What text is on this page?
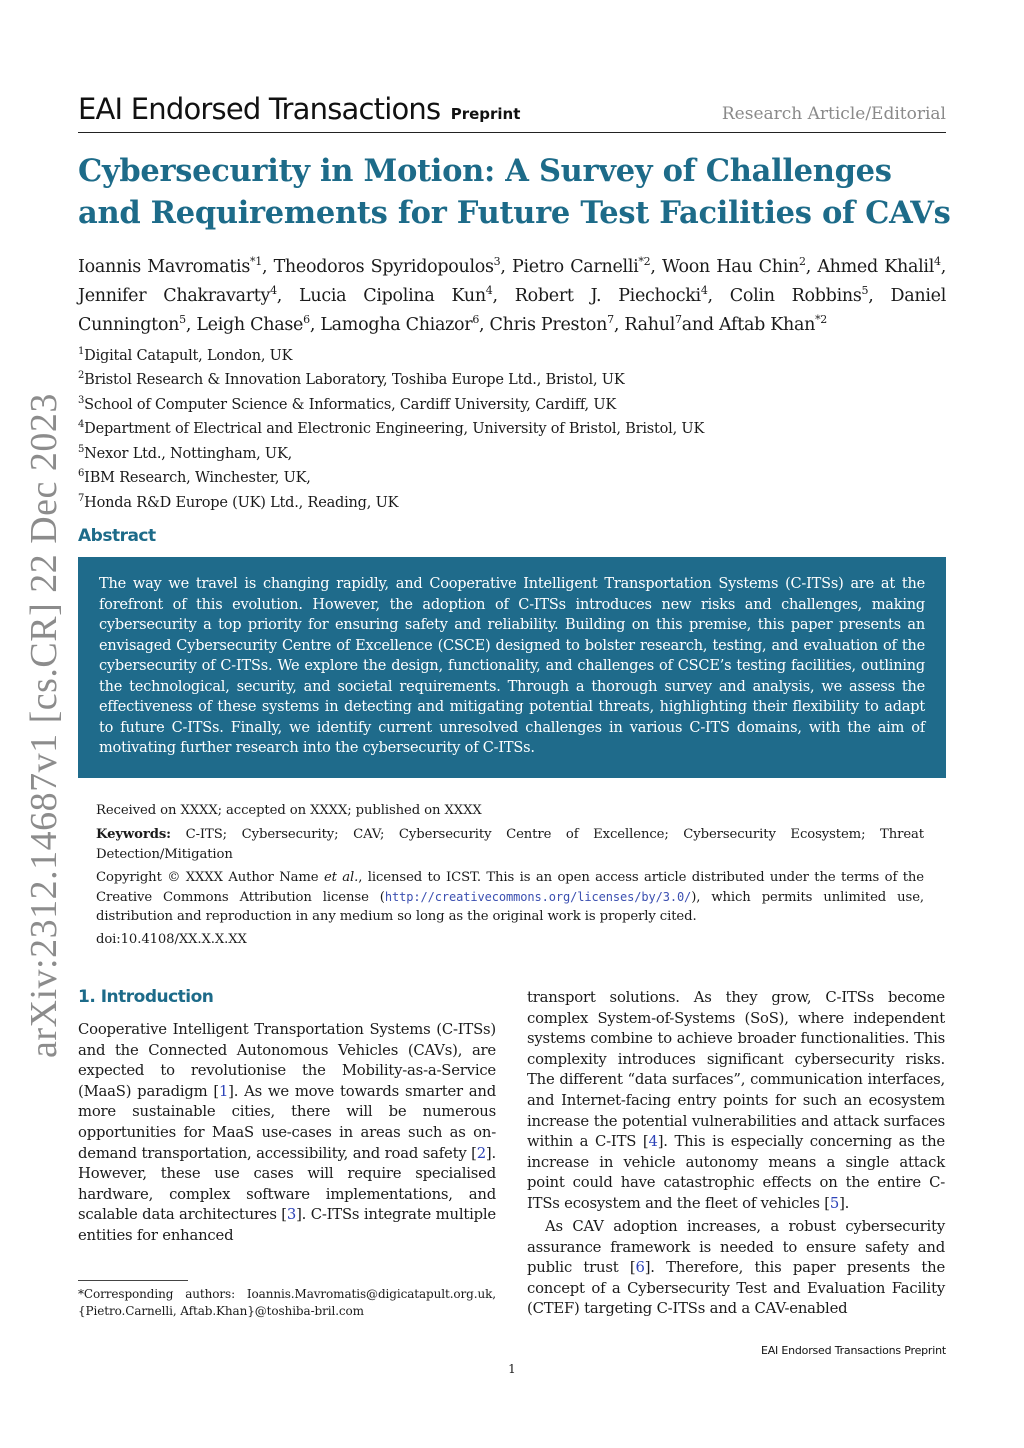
EAI Endorsed Transactions Preprint	Research Article/Editorial
Cybersecurity in Motion: A Survey of Challenges and Requirements for Future Test Facilities of CAVs
Ioannis Mavromatis$^{*1}$, Theodoros Spyridopoulos$^3$, Pietro Carnelli$^{*2}$, Woon Hau Chin$^2$, Ahmed Khalil$^4$, Jennifer Chakravarty$^4$, Lucia Cipolina Kun$^4$, Robert J. Piechocki$^4$, Colin Robbins$^5$, Daniel Cunnington$^5$, Leigh Chase$^6$, Lamogha Chiazor$^6$, Chris Preston$^7$, Rahul$^7$and Aftab Khan$^{*2}$
$^1$Digital Catapult, London, UK
$^2$Bristol Research & Innovation Laboratory, Toshiba Europe Ltd., Bristol, UK
$^3$School of Computer Science & Informatics, Cardiff University, Cardiff, UK
$^4$Department of Electrical and Electronic Engineering, University of Bristol, Bristol, UK
$^5$Nexor Ltd., Nottingham, UK,
$^6$IBM Research, Winchester, UK,
$^7$Honda R&D Europe (UK) Ltd., Reading, UK
arXiv:2312.14687v1 [cs.CR] 22 Dec 2023 Abstract

The way we travel is changing rapidly, and Cooperative Intelligent Transportation Systems (C-ITSs) are at the forefront of this evolution. However, the adoption of C-ITSs introduces new risks and challenges, making cybersecurity a top priority for ensuring safety and reliability. Building on this premise, this paper presents an envisaged Cybersecurity Centre of Excellence (CSCE) designed to bolster research, testing, and evaluation of the cybersecurity of C-ITSs. We explore the design, functionality, and challenges of CSCE’s testing facilities, outlining the technological, security, and societal requirements. Through a thorough survey and analysis, we assess the effectiveness of these systems in detecting and mitigating potential threats, highlighting their flexibility to adapt to future C-ITSs. Finally, we identify current unresolved challenges in various C-ITS domains, with the aim of motivating further research into the cybersecurity of C-ITSs.

Received on XXXX; accepted on XXXX; published on XXXX
Keywords: C-ITS; Cybersecurity; CAV; Cybersecurity Centre of Excellence; Cybersecurity Ecosystem; Threat Detection/Mitigation
Copyright © XXXX Author Name et al., licensed to ICST. This is an open access article distributed under the terms of the Creative Commons Attribution license (http://creativecommons.org/licenses/by/3.0/), which permits unlimited use, distribution and reproduction in any medium so long as the original work is properly cited.
doi:10.4108/XX.X.X.XX
1. Introduction

Cooperative Intelligent Transportation Systems (C-ITSs) and the Connected Autonomous Vehicles (CAVs), are expected to revolutionise the Mobility-as-a-Service (MaaS) paradigm [1]. As we move towards smarter and more sustainable cities, there will be numerous opportunities for MaaS use-cases in areas such as on-demand transportation, accessibility, and road safety [2]. However, these use cases will require specialised hardware, complex software implementations, and scalable data architectures [3]. C-ITSs integrate multiple entities for enhanced

transport solutions. As they grow, C-ITSs become complex System-of-Systems (SoS), where independent systems combine to achieve broader functionalities. This complexity introduces significant cybersecurity risks. The different “data surfaces”, communication interfaces, and Internet-facing entry points for such an ecosystem increase the potential vulnerabilities and attack surfaces within a C-ITS [4]. This is especially concerning as the increase in vehicle autonomy means a single attack point could have catastrophic effects on the entire C-ITSs ecosystem and the fleet of vehicles [5].

As CAV adoption increases, a robust cybersecurity assurance framework is needed to ensure safety and public trust [6]. Therefore, this paper presents the concept of a Cybersecurity Test and Evaluation Facility (CTEF) targeting C-ITSs and a CAV-enabled

*Corresponding authors: Ioannis.Mavromatis@digicatapult.org.uk, {Pietro.Carnelli, Aftab.Khan}@toshiba-bril.com
EAI Endorsed Transactions Preprint
1
